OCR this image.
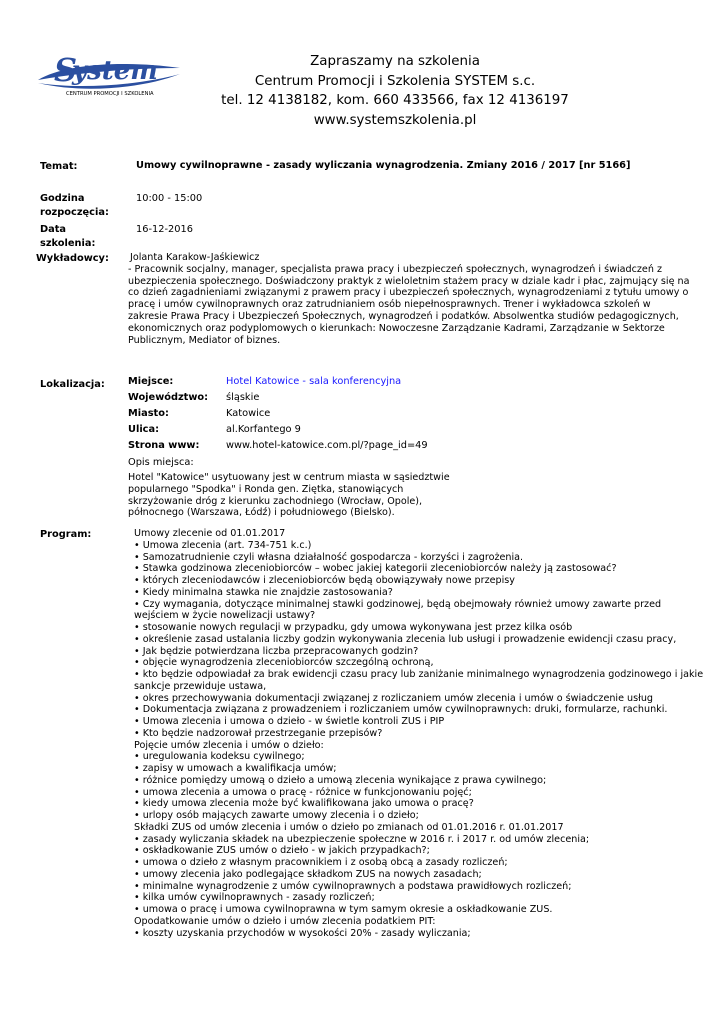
ystem
S
CENTRUM PROMOCJI I SZKOLENIA
Zapraszamy na szkolenia
Centrum Promocji i Szkolenia SYSTEM s.c.
tel. 12 4138182, kom. 660 433566, fax 12 4136197
www.systemszkolenia.pl
Temat:	Umowy cywilnoprawne - zasady wyliczania wynagrodzenia. Zmiany 2016 / 2017 [nr 5166]
Godzina
rozpoczęcia:
10:00 - 15:00
Data
szkolenia:
16-12-2016
Wykładowcy: Jolanta Karakow-Jaśkiewicz
- Pracownik socjalny, manager, specjalista prawa pracy i ubezpieczeń społecznych, wynagrodzeń i świadczeń z ubezpieczenia społecznego. Doświadczony praktyk z wieloletnim stażem pracy w dziale kadr i płac, zajmujący się na co dzień zagadnieniami związanymi z prawem pracy i ubezpieczeń społecznych, wynagrodzeniami z tytułu umowy o pracę i umów cywilnoprawnych oraz zatrudnianiem osób niepełnosprawnych. Trener i wykładowca szkoleń w zakresie Prawa Pracy i Ubezpieczeń Społecznych, wynagrodzeń i podatków. Absolwentka studiów pedagogicznych, ekonomicznych oraz podyplomowych o kierunkach: Nowoczesne Zarządzanie Kadrami, Zarządzanie w Sektorze Publicznym, Mediator of biznes.
Lokalizacja: Miejsce:	Hotel Katowice - sala konferencyjna
Województwo: śląskie
Miasto:	Katowice
Ulica:	al.Korfantego 9
Strona www:	www.hotel-katowice.com.pl/?page_id=49
Opis miejsca:
Hotel "Katowice" usytuowany jest w centrum miasta w sąsiedztwie popularnego "Spodka" i Ronda gen. Ziętka, stanowiących skrzyżowanie dróg z kierunku zachodniego (Wrocław, Opole), północnego (Warszawa, Łódź) i południowego (Bielsko).
Program:	Umowy zlecenie od 01.01.2017
• Umowa zlecenia (art. 734-751 k.c.)
• Samozatrudnienie czyli własna działalność gospodarcza - korzyści i zagrożenia.
• Stawka godzinowa zleceniobiorców – wobec jakiej kategorii zleceniobiorców należy ją zastosować?
• których zleceniodawców i zleceniobiorców będą obowiązywały nowe przepisy
• Kiedy minimalna stawka nie znajdzie zastosowania?
• Czy wymagania, dotyczące minimalnej stawki godzinowej, będą obejmowały również umowy zawarte przed wejściem w życie nowelizacji ustawy?
• stosowanie nowych regulacji w przypadku, gdy umowa wykonywana jest przez kilka osób
• określenie zasad ustalania liczby godzin wykonywania zlecenia lub usługi i prowadzenie ewidencji czasu pracy,
• Jak będzie potwierdzana liczba przepracowanych godzin?
• objęcie wynagrodzenia zleceniobiorców szczególną ochroną,
• kto będzie odpowiadał za brak ewidencji czasu pracy lub zaniżanie minimalnego wynagrodzenia godzinowego i jakie sankcje przewiduje ustawa,
• okres przechowywania dokumentacji związanej z rozliczaniem umów zlecenia i umów o świadczenie usług
• Dokumentacja związana z prowadzeniem i rozliczaniem umów cywilnoprawnych: druki, formularze, rachunki.
• Umowa zlecenia i umowa o dzieło - w świetle kontroli ZUS i PIP
• Kto będzie nadzorował przestrzeganie przepisów?
Pojęcie umów zlecenia i umów o dzieło:
• uregulowania kodeksu cywilnego;
• zapisy w umowach a kwalifikacja umów;
• różnice pomiędzy umową o dzieło a umową zlecenia wynikające z prawa cywilnego;
• umowa zlecenia a umowa o pracę - różnice w funkcjonowaniu pojęć;
• kiedy umowa zlecenia może być kwalifikowana jako umowa o pracę?
• urlopy osób mających zawarte umowy zlecenia i o dzieło;
Składki ZUS od umów zlecenia i umów o dzieło po zmianach od 01.01.2016 r. 01.01.2017
• zasady wyliczania składek na ubezpieczenie społeczne w 2016 r. i 2017 r. od umów zlecenia;
• oskładkowanie ZUS umów o dzieło - w jakich przypadkach?;
• umowa o dzieło z własnym pracownikiem i z osobą obcą a zasady rozliczeń;
• umowy zlecenia jako podlegające składkom ZUS na nowych zasadach;
• minimalne wynagrodzenie z umów cywilnoprawnych a podstawa prawidłowych rozliczeń;
• kilka umów cywilnoprawnych - zasady rozliczeń;
• umowa o pracę i umowa cywilnoprawna w tym samym okresie a oskładkowanie ZUS.
Opodatkowanie umów o dzieło i umów zlecenia podatkiem PIT:
• koszty uzyskania przychodów w wysokości 20% - zasady wyliczania;
